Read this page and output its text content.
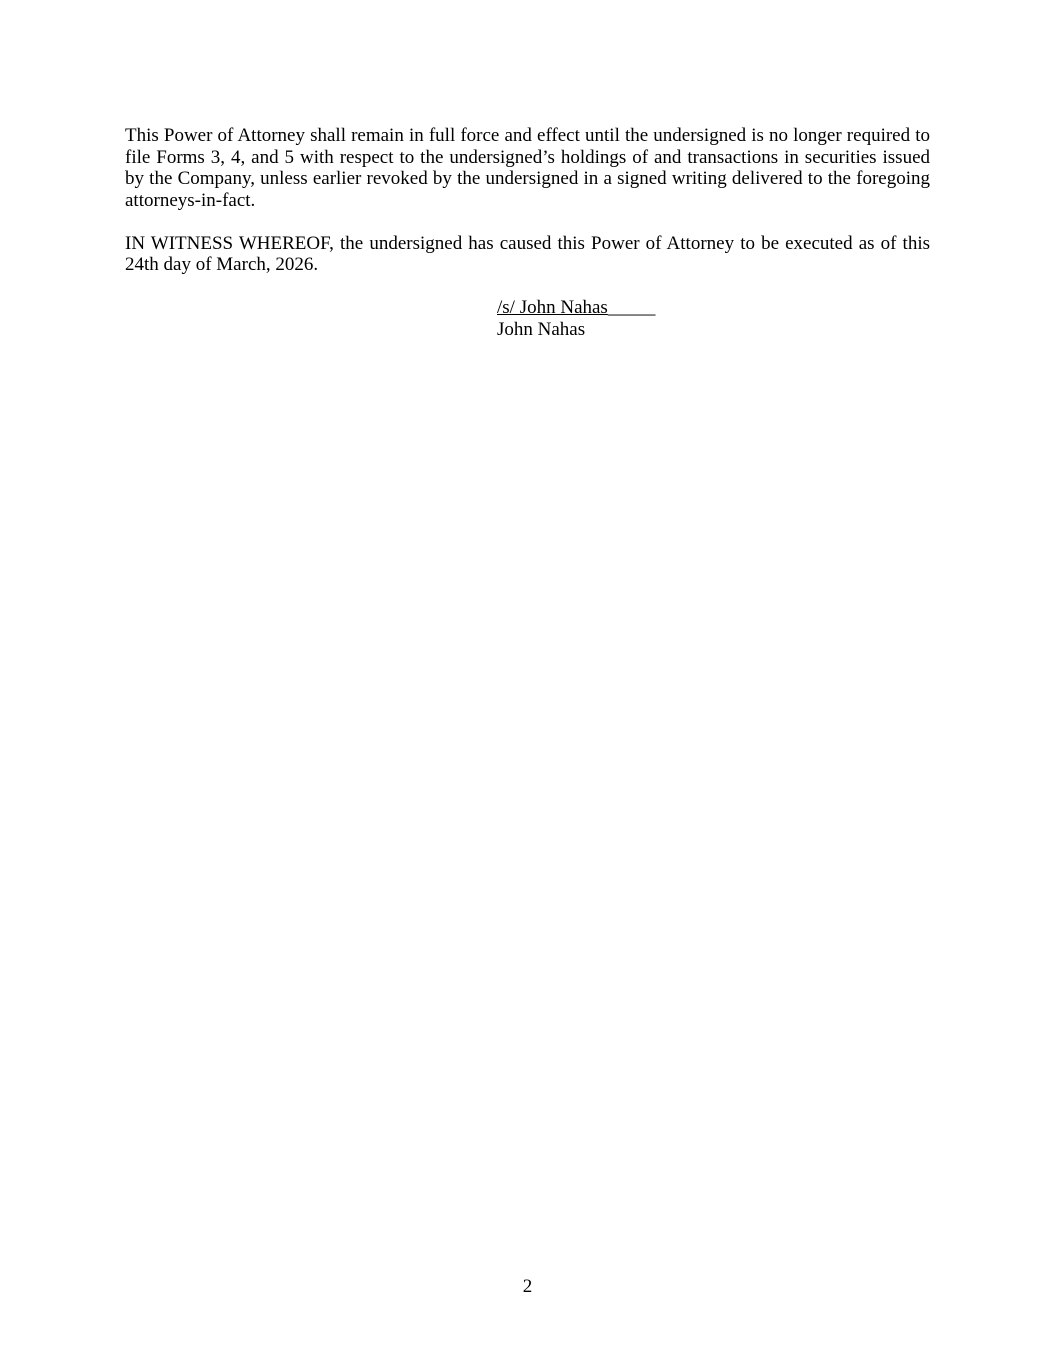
This Power of Attorney shall remain in full force and effect until the undersigned is no longer required to file Forms 3, 4, and 5 with respect to the undersigned’s holdings of and transactions in securities issued by the Company, unless earlier revoked by the undersigned in a signed writing delivered to the foregoing attorneys-in-fact.

IN WITNESS WHEREOF, the undersigned has caused this Power of Attorney to be executed as of this 24th day of March, 2026.

/s/ John Nahas_____
John Nahas
2
